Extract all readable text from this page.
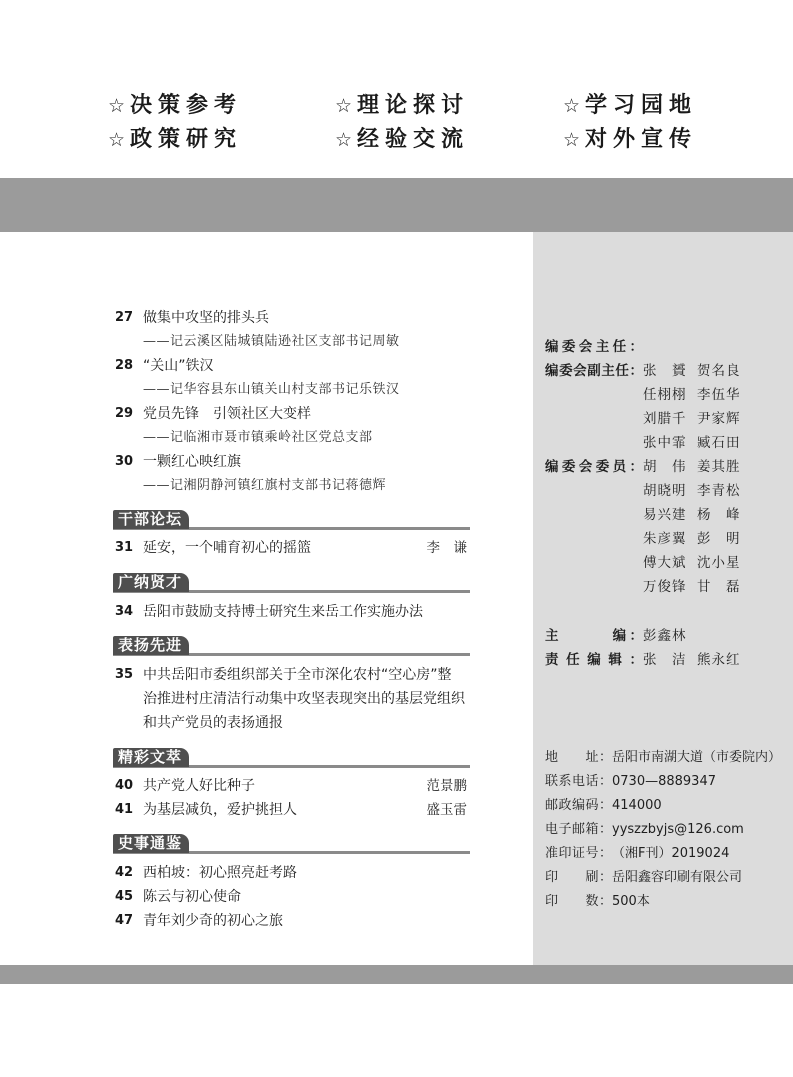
☆ 决策参考	☆ 理论探讨	☆ 学习园地
☆ 政策研究	☆ 经验交流	☆ 对外宣传
编委会主任：
编委会副主任： 张　贇 贺名良
任栩栩 李伍华
刘腊千 尹家辉
张中霏 臧石田
编委会委员： 胡　伟 姜其胜
胡晓明 李青松
易兴建 杨　峰
朱彦翼 彭　明
傅大斌 沈小星
万俊锋 甘　磊
主　　　编： 彭鑫林
责任编辑： 张　洁 熊永红
地　　址： 岳阳市南湖大道（市委院内）
联系电话： 0730—8889347
邮政编码： 414000
电子邮箱： yyszzbyjs@126.com
准印证号： （湘F刊）2019024
印　　刷： 岳阳鑫容印刷有限公司
印　　数： 500本
27 做集中攻坚的排头兵
——记云溪区陆城镇陆逊社区支部书记周敏
28 “关山”铁汉
——记华容县东山镇关山村支部书记乐铁汉
29 党员先锋　引领社区大变样
——记临湘市聂市镇乘岭社区党总支部
30 一颗红心映红旗
——记湘阴静河镇红旗村支部书记蒋德辉
干部论坛
31 延安，一个哺育初心的摇篮	李　谦
广纳贤才
34 岳阳市鼓励支持博士研究生来岳工作实施办法
表扬先进
35 中共岳阳市委组织部关于全市深化农村“空心房”整
治推进村庄清洁行动集中攻坚表现突出的基层党组织
和共产党员的表扬通报
精彩文萃
40 共产党人好比种子	范景鹏
41 为基层减负，爱护挑担人	盛玉雷
史事通鉴
42 西柏坡：初心照亮赶考路
45 陈云与初心使命
47 青年刘少奇的初心之旅
